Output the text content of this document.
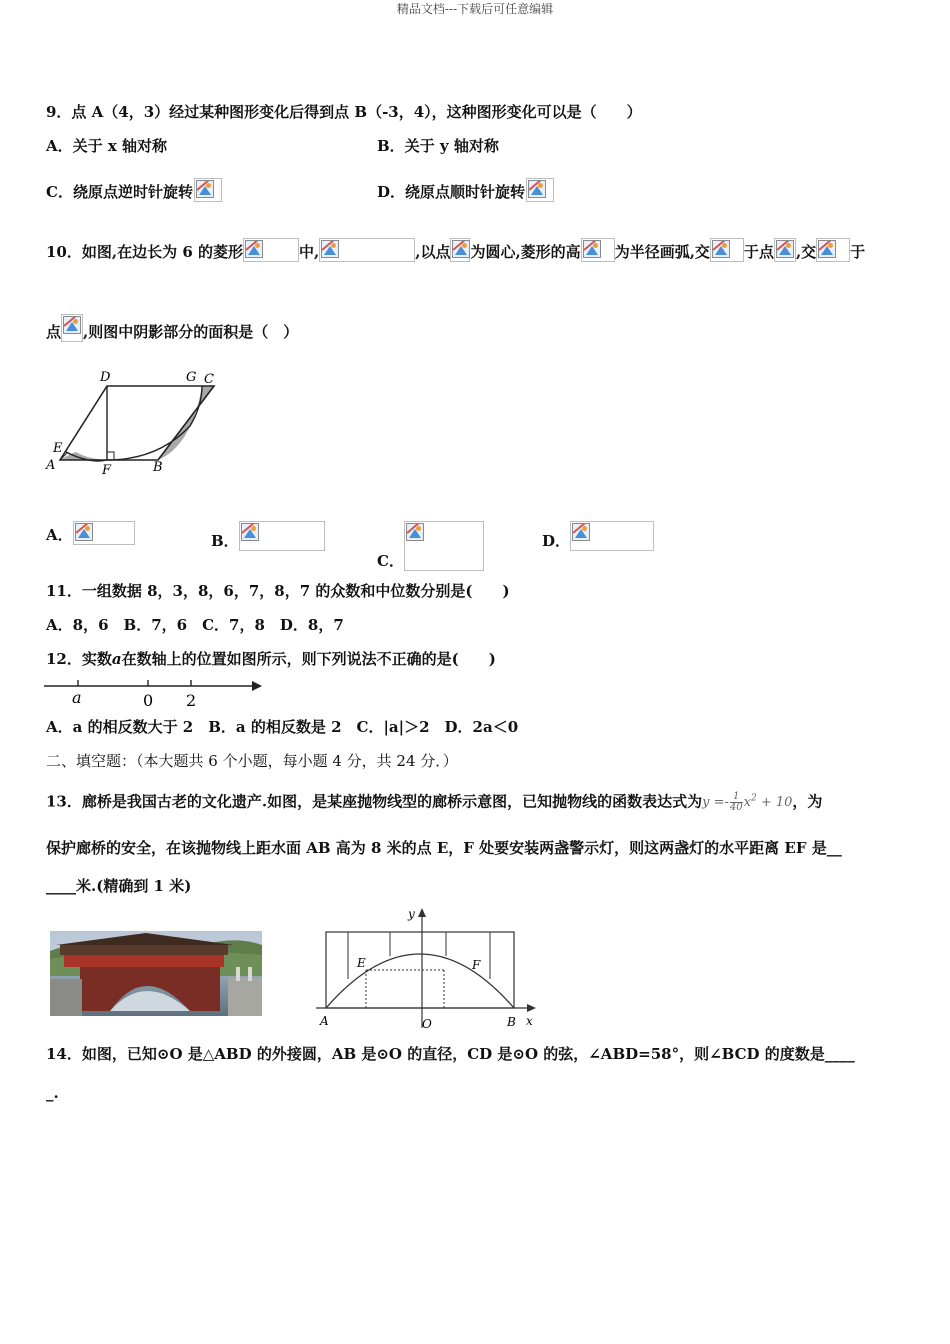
精品文档---下载后可任意编辑
9．点 A（4，3）经过某种图形变化后得到点 B（-3，4），这种图形变化可以是（　　）
A．关于 x 轴对称	B．关于 y 轴对称
C．绕原点逆时针旋转	D．绕原点顺时针旋转
10．如图,在边长为 6 的菱形	中,	,以点 为圆心,菱形的高 为半径画弧,交 于点 ,交 于
点 ,则图中阴影部分的面积是（　）
D	G C
E
A	F	B
A．	B．
C．
D．
11．一组数据 8，3，8，6，7，8，7 的众数和中位数分别是(　　)
A．8，6　B．7，6　C．7，8　D．8，7
12．实数a在数轴上的位置如图所示，则下列说法不正确的是(　　)
a	0 2
A．a 的相反数大于 2　B．a 的相反数是 2　C．|a|＞2　D．2a＜0
二、填空题：（本大题共 6 个小题，每小题 4 分，共 24 分．）
13．廊桥是我国古老的文化遗产.如图，是某座抛物线型的廊桥示意图，已知抛物线的函数表达式为$y =- \frac{1}{40} x^2 + 10$，为
保护廊桥的安全，在该抛物线上距水面 AB 高为 8 米的点 E，F 处要安装两盏警示灯，则这两盏灯的水平距离 EF 是__
____米.(精确到 1 米)
y
x
E	F
A	O	B
14．如图，已知⊙O 是△ABD 的外接圆，AB 是⊙O 的直径，CD 是⊙O 的弦，∠ABD=58°，则∠BCD 的度数是____
_.
